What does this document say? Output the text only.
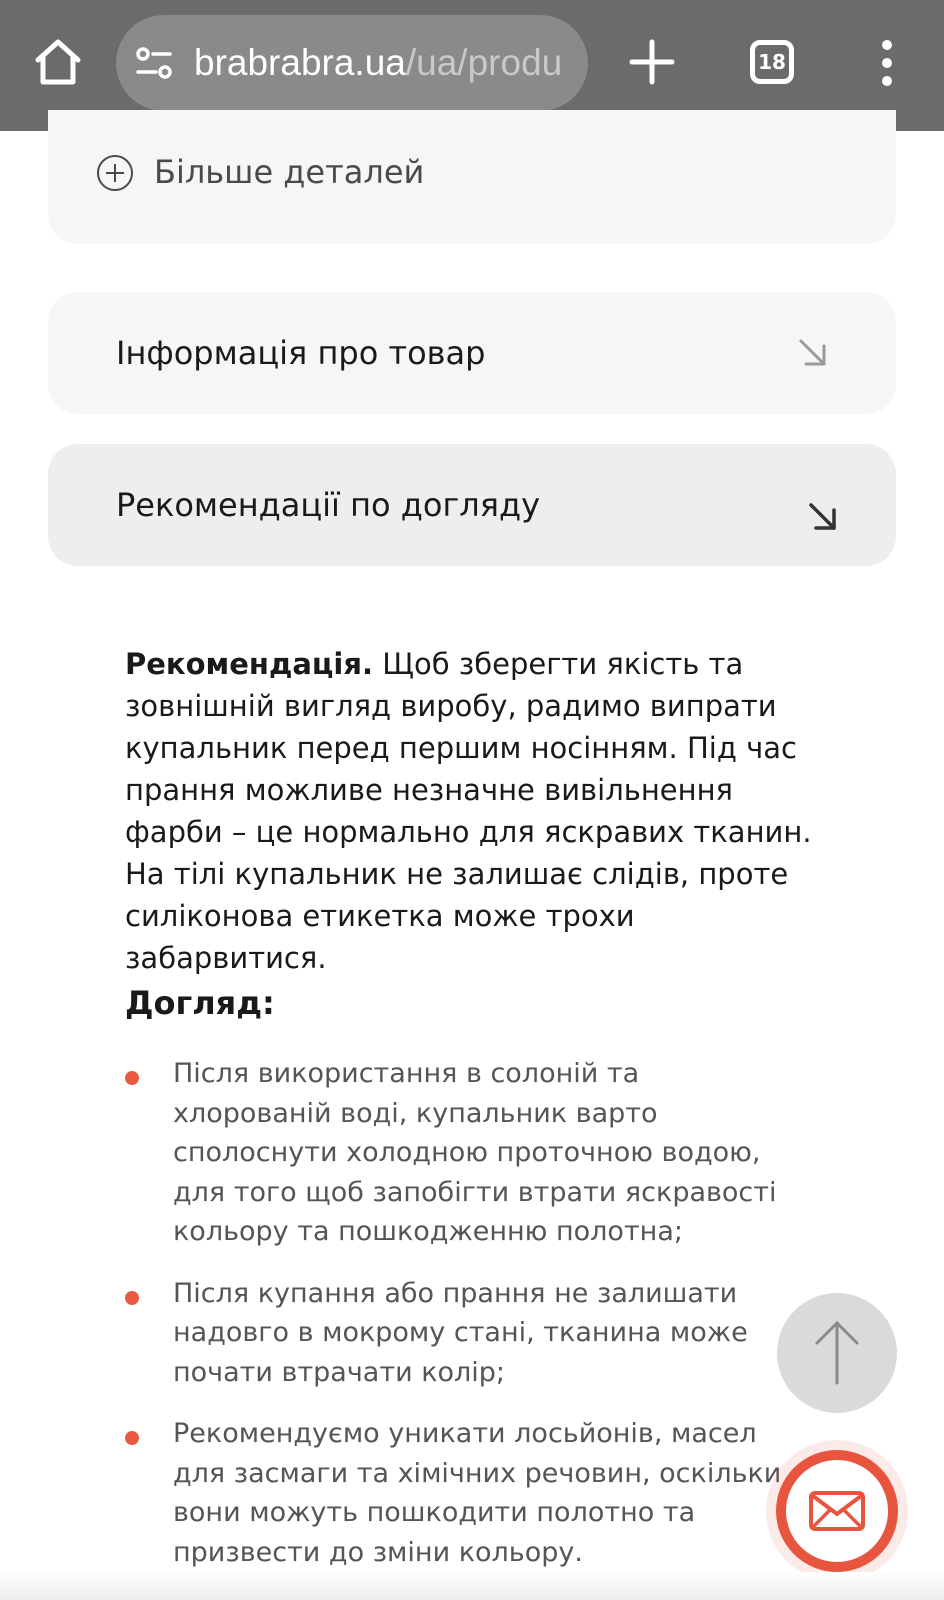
brabrabra.ua/ua/produ	18
Більше деталей
Інформація про товар
Рекомендації по догляду

Рекомендація. Щоб зберегти якість та зовнішній вигляд виробу, радимо випрати купальник перед першим носінням. Під час прання можливе незначне вивільнення фарби – це нормально для яскравих тканин. На тілі купальник не залишає слідів, проте силіконова етикетка може трохи забарвитися.

Догляд:
Після використання в солоній та хлорованій воді, купальник варто сполоснути холодною проточною водою, для того щоб запобігти втрати яскравості кольору та пошкодженню полотна;
Після купання або прання не залишати надовго в мокрому стані, тканина може почати втрачати колір;
Рекомендуємо уникати лосьйонів, масел для засмаги та хімічних речовин, оскільки вони можуть пошкодити полотно та призвести до зміни кольору.
